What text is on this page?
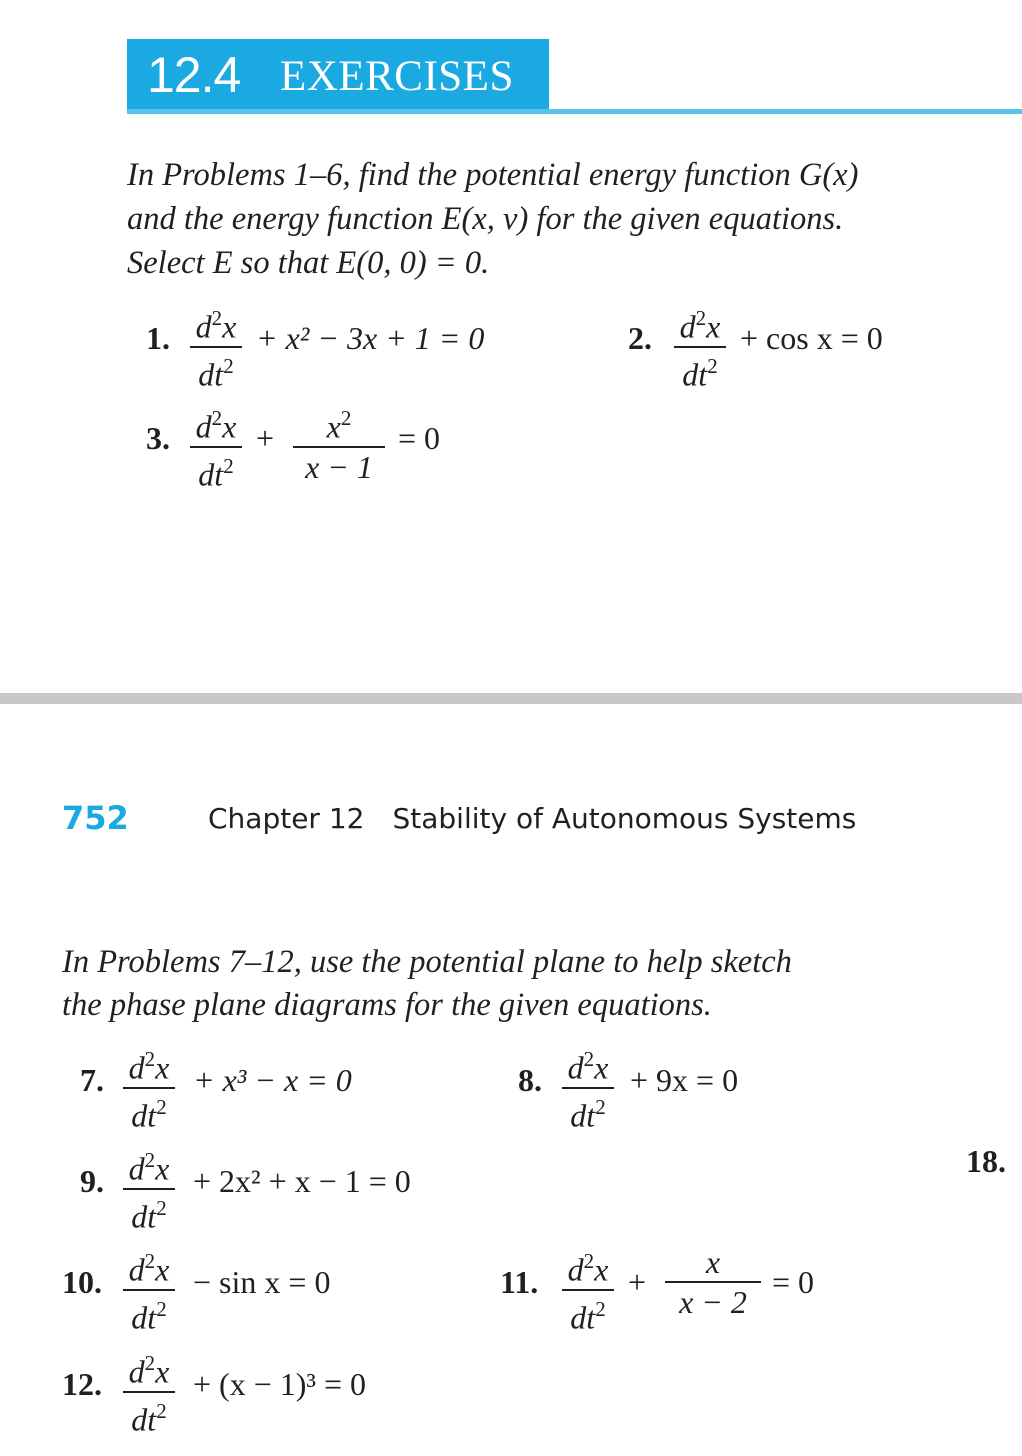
12.4 EXERCISES
In Problems 1–6, find the potential energy function G(x)
and the energy function E(x, v) for the given equations.
Select E so that E(0, 0) = 0.
1. $d^2x$
$dt^2$
+ x² − 3x + 1 = 0	2. $d^2x$
$dt^2$
+ cos x = 0
3. $d^2x$
$dt^2$
+ $x^2$
x − 1
= 0
752	Chapter 12 Stability of Autonomous Systems
In Problems 7–12, use the potential plane to help sketch
the phase plane diagrams for the given equations.
7. $d^2x$
$dt^2$
+ x³ − x = 0	8. $d^2x$
$dt^2$
+ 9x = 0
9. $d^2x$
$dt^2$
+ 2x² + x − 1 = 0
18.
10. $d^2x$
$dt^2$
− sin x = 0	11. $d^2x$
$dt^2$
+
x
x − 2
= 0
12. $d^2x$
$dt^2$
+ (x − 1)³ = 0
